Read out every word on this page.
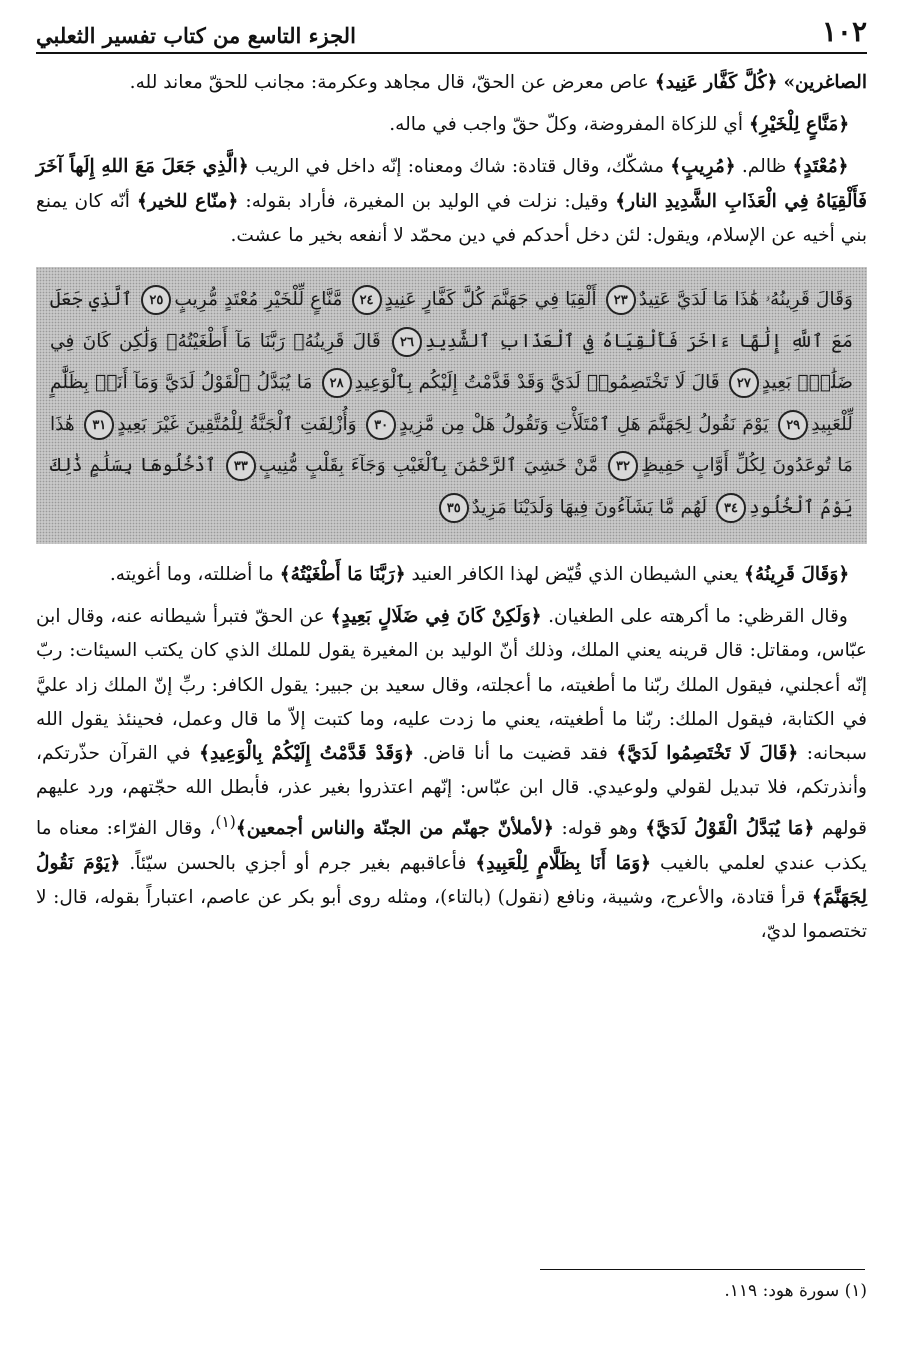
١٠٢
الجزء التاسع من كتاب تفسير الثعلبي

الصاغرين» ﴿كُلَّ كَفَّار عَنِيد﴾ عاص معرض عن الحقّ، قال مجاهد وعكرمة: مجانب للحقّ معاند لله.

﴿مَنَّاعٍ لِلْخَيْرِ﴾ أي للزكاة المفروضة، وكلّ حقّ واجب في ماله.

﴿مُعْتَدٍ﴾ ظالم. ﴿مُرِيبٍ﴾ مشكّك، وقال قتادة: شاك ومعناه: إنّه داخل في الريب ﴿الَّذِي جَعَلَ مَعَ اللهِ إِلَهاً آخَرَ فَأَلْقِيَاهُ فِي الْعَذَابِ الشَّدِيدِ النار﴾ وقيل: نزلت في الوليد بن المغيرة، فأراد بقوله: ﴿منّاع للخير﴾ أنّه كان يمنع بني أخيه عن الإسلام، ويقول: لئن دخل أحدكم في دين محمّد لا أنفعه بخير ما عشت.

وَقَالَ قَرِينُهُۥ هَٰذَا مَا لَدَيَّ عَتِيدٌ٢٣ أَلْقِيَا فِي جَهَنَّمَ كُلَّ كَفَّارٍ عَنِيدٍ٢٤ مَّنَّاعٍ لِّلْخَيْرِ مُعْتَدٍ مُّرِيبٍ٢٥ ٱلَّذِي جَعَلَ مَعَ ٱللَّهِ إِلَٰهًا ءَاخَرَ فَأَلْقِيَاهُ فِي ٱلْعَذَابِ ٱلشَّدِيدِ٢٦ قَالَ قَرِينُهُۥ رَبَّنَا مَآ أَطْغَيْتُهُۥ وَلَٰكِن كَانَ فِي ضَلَٰلٍۭ بَعِيدٍ٢٧ قَالَ لَا تَخْتَصِمُوا۟ لَدَيَّ وَقَدْ قَدَّمْتُ إِلَيْكُم بِٱلْوَعِيدِ٢٨ مَا يُبَدَّلُ ٱلْقَوْلُ لَدَيَّ وَمَآ أَنَا۠ بِظَلَّٰمٍ لِّلْعَبِيدِ٢٩ يَوْمَ نَقُولُ لِجَهَنَّمَ هَلِ ٱمْتَلَأْتِ وَتَقُولُ هَلْ مِن مَّزِيدٍ٣٠ وَأُزْلِفَتِ ٱلْجَنَّةُ لِلْمُتَّقِينَ غَيْرَ بَعِيدٍ٣١ هَٰذَا مَا تُوعَدُونَ لِكُلِّ أَوَّابٍ حَفِيظٍ٣٢ مَّنْ خَشِيَ ٱلرَّحْمَٰنَ بِٱلْغَيْبِ وَجَآءَ بِقَلْبٍ مُّنِيبٍ٣٣ ٱدْخُلُوهَا بِسَلَٰمٍ ذَٰلِكَ يَوْمُ ٱلْخُلُودِ٣٤ لَهُم مَّا يَشَآءُونَ فِيهَا وَلَدَيْنَا مَزِيدٌ٣٥

﴿وَقَالَ قَرِينُهُ﴾ يعني الشيطان الذي قُيّض لهذا الكافر العنيد ﴿رَبَّنَا مَا أَطْغَيْتُهُ﴾ ما أضللته، وما أغويته.

وقال القرظي: ما أكرهته على الطغيان. ﴿وَلَكِنْ كَانَ فِي ضَلَالٍ بَعِيدٍ﴾ عن الحقّ فتبرأ شيطانه عنه، وقال ابن عبّاس، ومقاتل: قال قرينه يعني الملك، وذلك أنّ الوليد بن المغيرة يقول للملك الذي كان يكتب السيئات: ربّ إنّه أعجلني، فيقول الملك ربّنا ما أطغيته، ما أعجلته، وقال سعيد بن جبير: يقول الكافر: ربِّ إنّ الملك زاد عليَّ في الكتابة، فيقول الملك: ربّنا ما أطغيته، يعني ما زدت عليه، وما كتبت إلاّ ما قال وعمل، فحينئذ يقول الله سبحانه: ﴿قَالَ لَا تَخْتَصِمُوا لَدَيَّ﴾ فقد قضيت ما أنا قاض. ﴿وَقَدْ قَدَّمْتُ إِلَيْكُمْ بِالْوَعِيدِ﴾ في القرآن حذّرتكم، وأنذرتكم، فلا تبديل لقولي ولوعيدي. قال ابن عبّاس: إنّهم اعتذروا بغير عذر، فأبطل الله حجّتهم، ورد عليهم قولهم ﴿مَا يُبَدَّلُ الْقَوْلُ لَدَيَّ﴾ وهو قوله: ﴿لأملأنّ جهنّم من الجنّة والناس أجمعين﴾$^{(١)}$، وقال الفرّاء: معناه ما يكذب عندي لعلمي بالغيب ﴿وَمَا أَنَا بِظَلَّامٍ لِلْعَبِيدِ﴾ فأعاقبهم بغير جرم أو أجزي بالحسن سيّئاً. ﴿يَوْمَ نَقُولُ لِجَهَنَّمَ﴾ قرأ قتادة، والأعرج، وشيبة، ونافع (نقول) (بالتاء)، ومثله روى أبو بكر عن عاصم، اعتباراً بقوله، قال: لا تختصموا لديّ،

(١) سورة هود: ١١٩.
